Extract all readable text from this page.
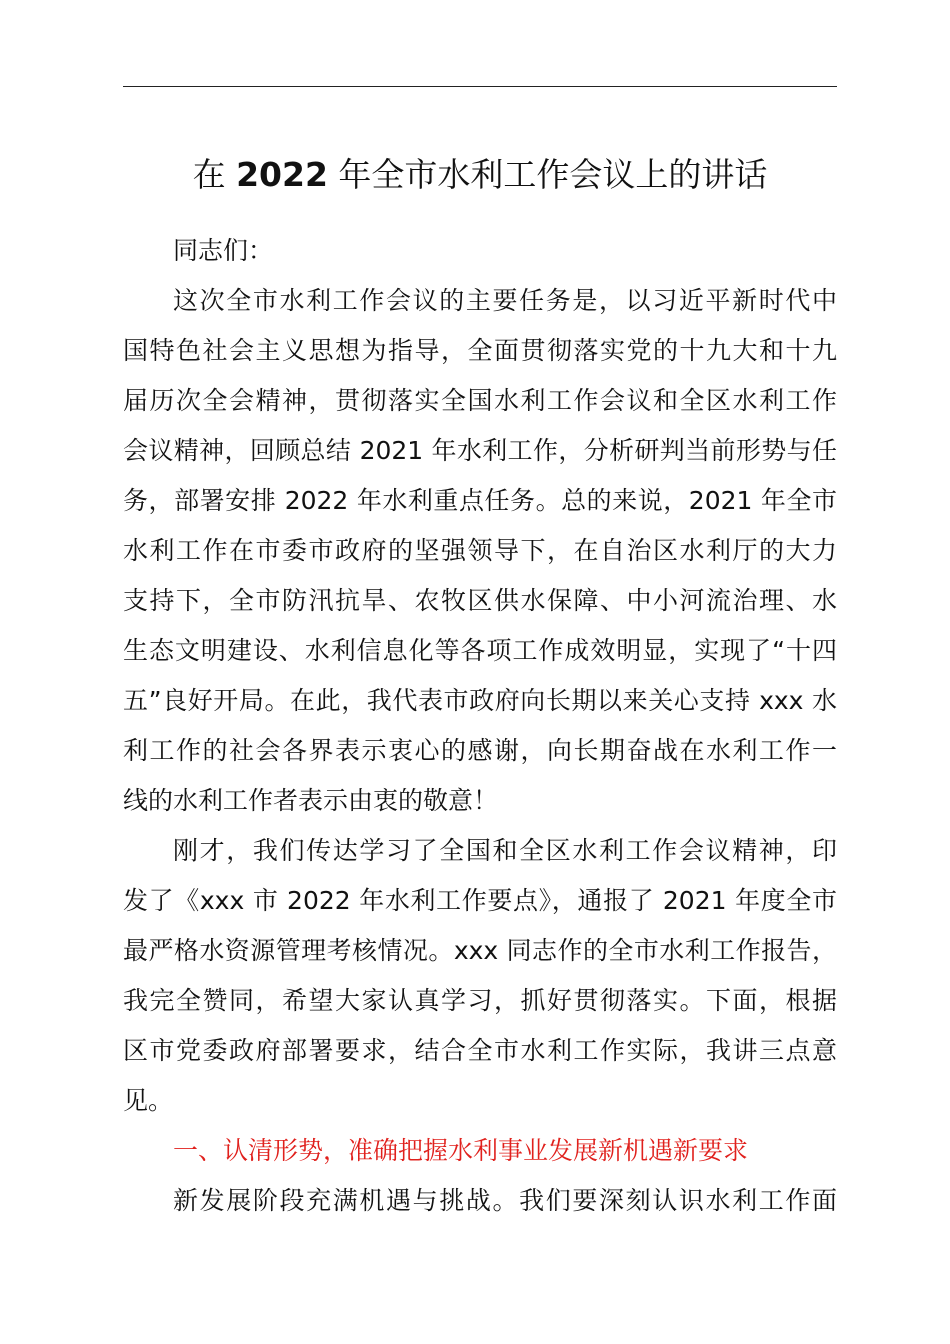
在 2022 年全市水利工作会议上的讲话

同志们：

这次全市水利工作会议的主要任务是，以习近平新时代中
国特色社会主义思想为指导，全面贯彻落实党的十九大和十九
届历次全会精神，贯彻落实全国水利工作会议和全区水利工作
会议精神，回顾总结 2021 年水利工作，分析研判当前形势与任
务，部署安排 2022 年水利重点任务。总的来说，2021 年全市
水利工作在市委市政府的坚强领导下，在自治区水利厅的大力
支持下，全市防汛抗旱、农牧区供水保障、中小河流治理、水
生态文明建设、水利信息化等各项工作成效明显，实现了“十四
五”良好开局。在此，我代表市政府向长期以来关心支持 xxx 水
利工作的社会各界表示衷心的感谢，向长期奋战在水利工作一
线的水利工作者表示由衷的敬意！

刚才，我们传达学习了全国和全区水利工作会议精神，印
发了《xxx 市 2022 年水利工作要点》，通报了 2021 年度全市
最严格水资源管理考核情况。xxx 同志作的全市水利工作报告，
我完全赞同，希望大家认真学习，抓好贯彻落实。下面，根据
区市党委政府部署要求，结合全市水利工作实际，我讲三点意
见。

一、认清形势，准确把握水利事业发展新机遇新要求

新发展阶段充满机遇与挑战。我们要深刻认识水利工作面
